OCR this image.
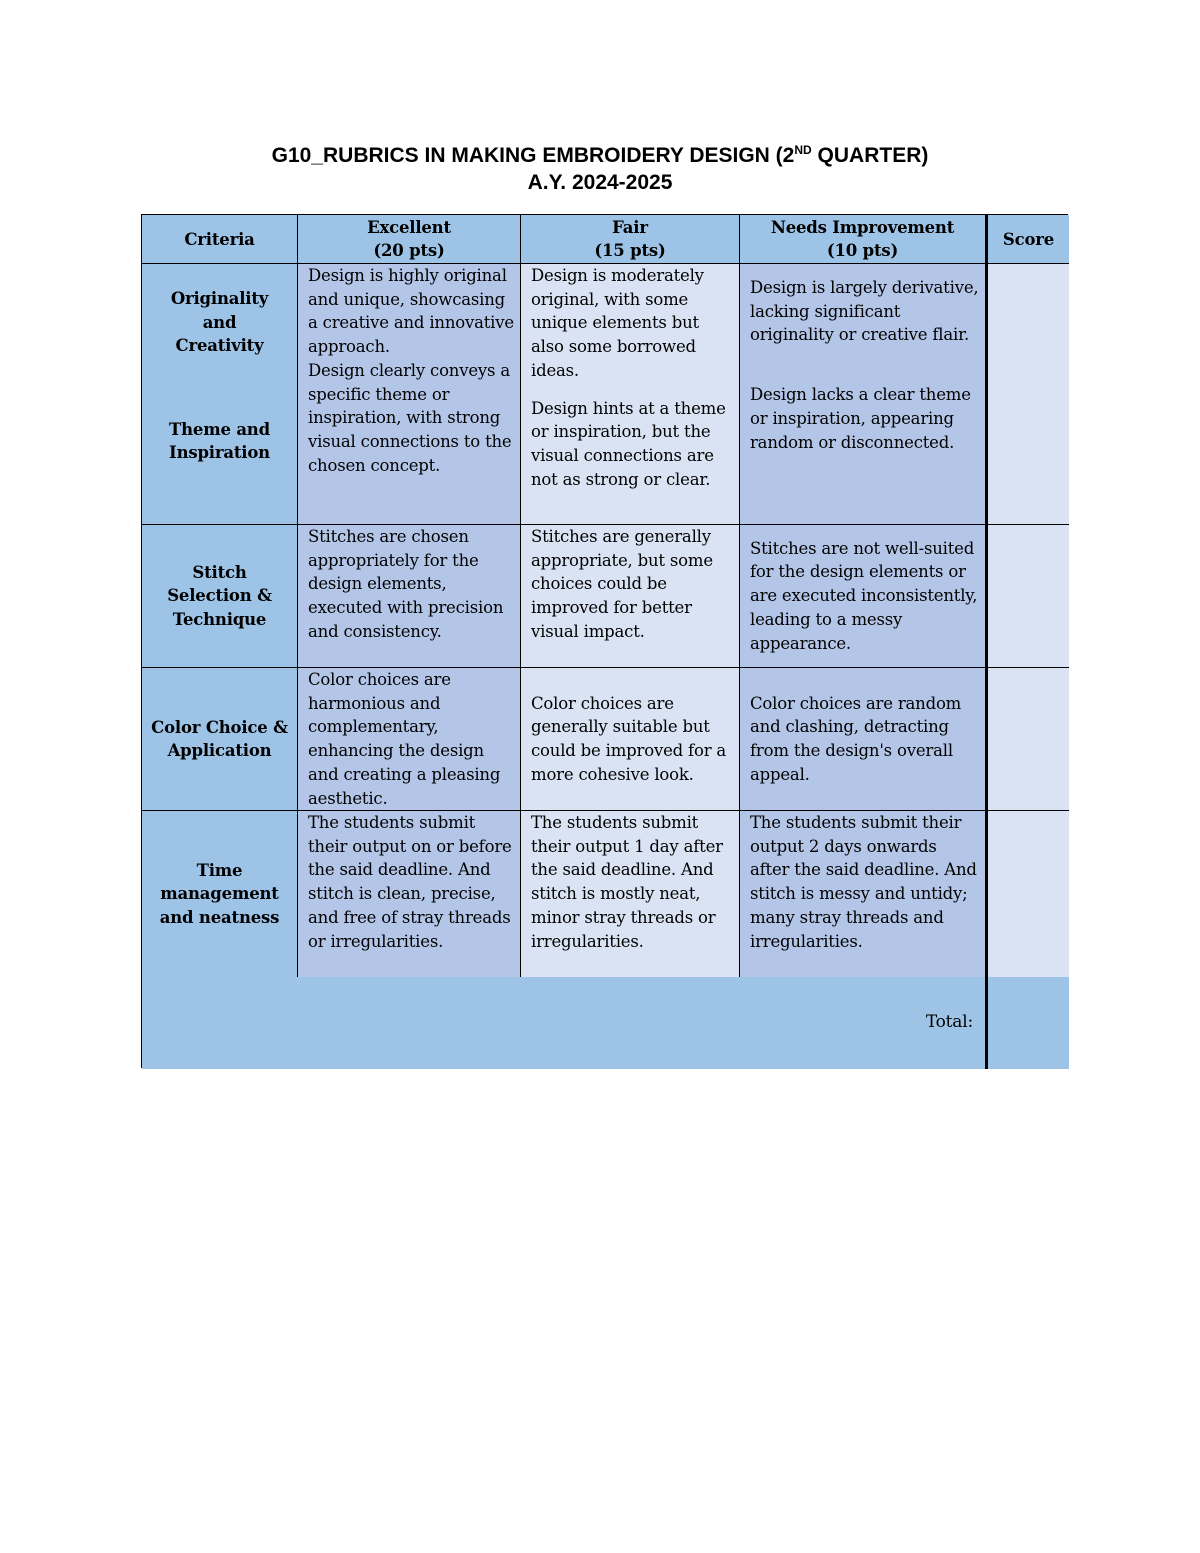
G10_RUBRICS IN MAKING EMBROIDERY DESIGN (2ND QUARTER)
A.Y. 2024-2025
Criteria
Excellent
(20 pts)
Fair
(15 pts)
Needs Improvement
(10 pts)
Score
Originality and Creativity
Theme and Inspiration

Design is highly original and unique, showcasing a creative and innovative approach.

Design clearly conveys a specific theme or inspiration, with strong visual connections to the chosen concept.

Design is moderately original, with some unique elements but also some borrowed ideas.

Design hints at a theme or inspiration, but the visual connections are not as strong or clear.

Design is largely derivative, lacking significant originality or creative flair.

Design lacks a clear theme or inspiration, appearing random or disconnected.

Stitch Selection & Technique

Stitches are chosen appropriately for the design elements, executed with precision and consistency.

Stitches are generally appropriate, but some choices could be improved for better visual impact.

Stitches are not well-suited for the design elements or are executed inconsistently, leading to a messy appearance.

Color Choice & Application

Color choices are harmonious and complementary, enhancing the design and creating a pleasing aesthetic.

Color choices are generally suitable but could be improved for a more cohesive look.

Color choices are random and clashing, detracting from the design's overall appeal.

Time management and neatness

The students submit their output on or before the said deadline. And stitch is clean, precise, and free of stray threads or irregularities.

The students submit their output 1 day after the said deadline. And stitch is mostly neat, minor stray threads or irregularities.

The students submit their output 2 days onwards after the said deadline. And stitch is messy and untidy; many stray threads and irregularities.

Total:
